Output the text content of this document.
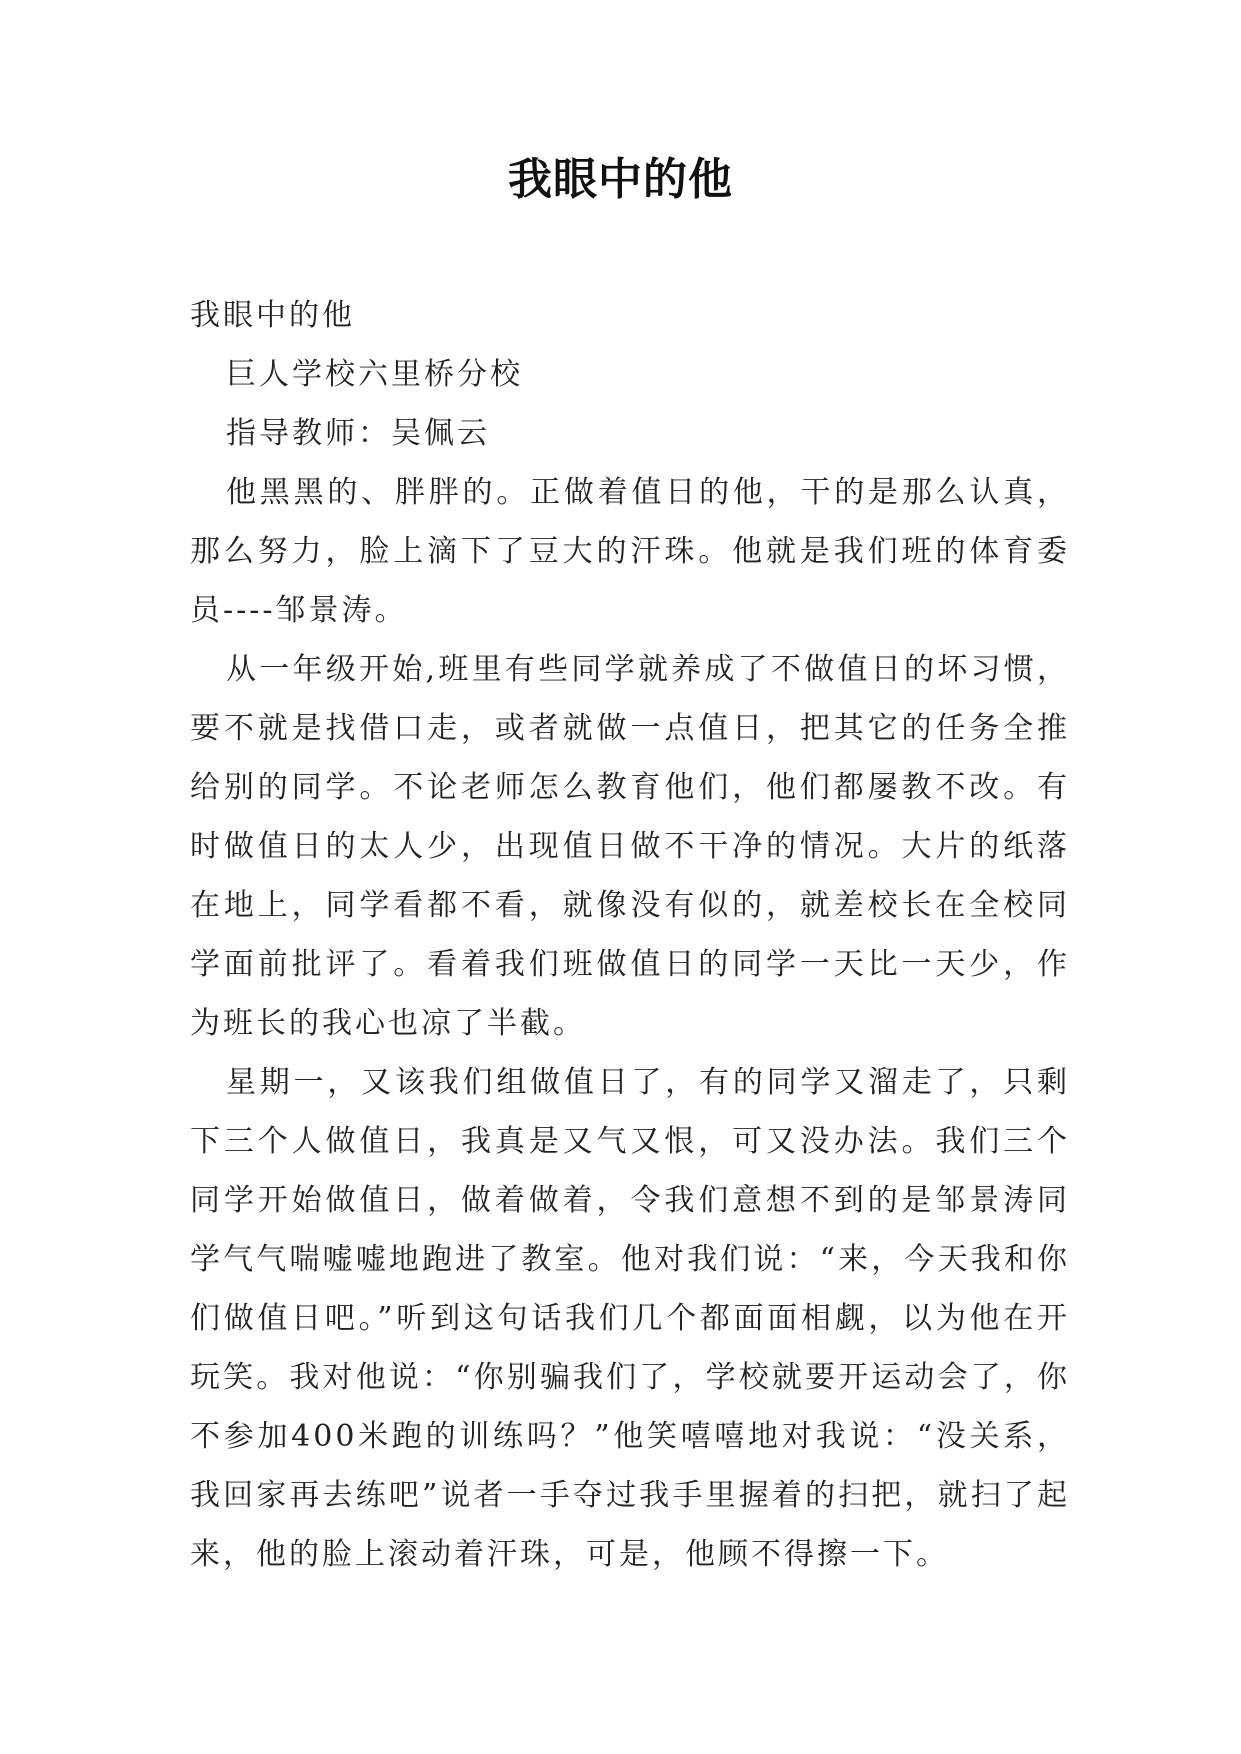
我眼中的他

我眼中的他

巨人学校六里桥分校

指导教师：吴佩云

他黑黑的、胖胖的。正做着值日的他，干的是那么认真，那么努力，脸上滴下了豆大的汗珠。他就是我们班的体育委员----邹景涛。

从一年级开始,班里有些同学就养成了不做值日的坏习惯，要不就是找借口走，或者就做一点值日，把其它的任务全推给别的同学。不论老师怎么教育他们，他们都屡教不改。有时做值日的太人少，出现值日做不干净的情况。大片的纸落在地上，同学看都不看，就像没有似的，就差校长在全校同学面前批评了。看着我们班做值日的同学一天比一天少，作为班长的我心也凉了半截。

星期一，又该我们组做值日了，有的同学又溜走了，只剩下三个人做值日，我真是又气又恨，可又没办法。我们三个同学开始做值日，做着做着，令我们意想不到的是邹景涛同学气气喘嘘嘘地跑进了教室。他对我们说：“来，今天我和你们做值日吧。”听到这句话我们几个都面面相觑，以为他在开玩笑。我对他说：“你别骗我们了，学校就要开运动会了，你不参加400米跑的训练吗？”他笑嘻嘻地对我说：“没关系，我回家再去练吧”说者一手夺过我手里握着的扫把，就扫了起来，他的脸上滚动着汗珠，可是，他顾不得擦一下。
